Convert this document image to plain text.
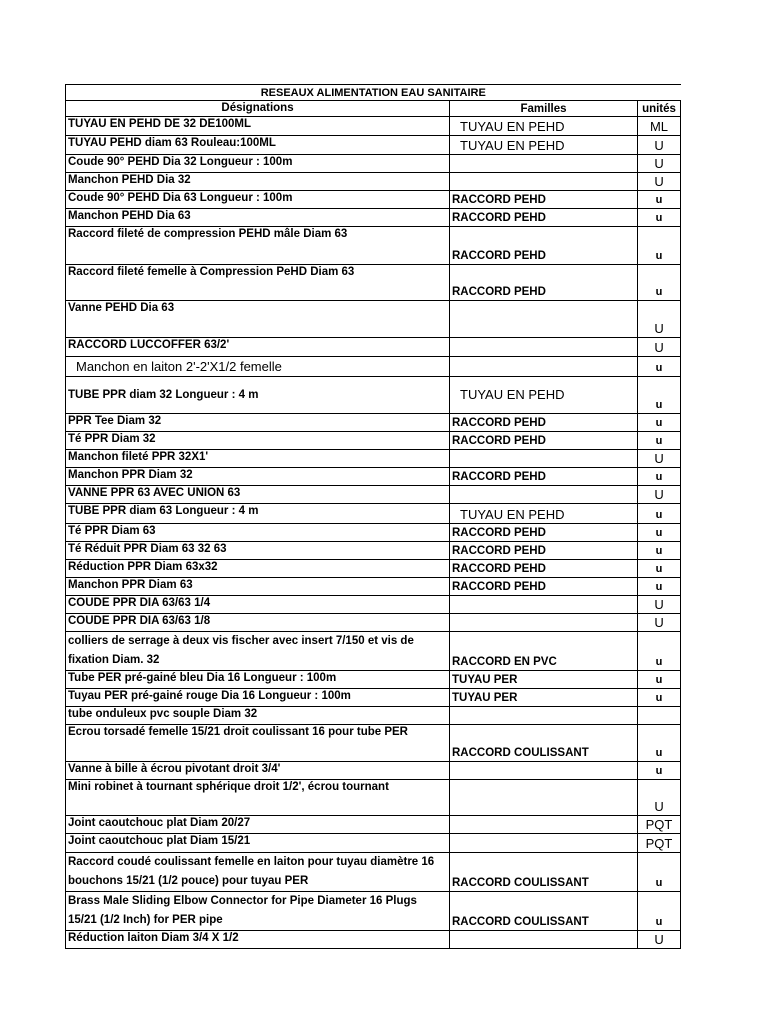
RESEAUX ALIMENTATION EAU SANITAIRE		
Désignations	Familles	unités
TUYAU EN PEHD DE 32 DE100ML	TUYAU EN PEHD	ML
TUYAU PEHD diam 63 Rouleau:100ML	TUYAU EN PEHD	U
Coude 90° PEHD Dia 32 Longueur : 100m		U
Manchon PEHD Dia 32		U
Coude 90° PEHD Dia 63 Longueur : 100m	RACCORD PEHD	u
Manchon PEHD Dia 63	RACCORD PEHD	u
Raccord fileté de compression PEHD mâle Diam 63	RACCORD PEHD	u
Raccord fileté femelle à Compression PeHD Diam 63	RACCORD PEHD	u
Vanne PEHD Dia 63		U
RACCORD LUCCOFFER 63/2'		U
Manchon en laiton 2'-2'X1/2 femelle		u
TUBE PPR diam 32 Longueur : 4 m	TUYAU EN PEHD	u
PPR Tee Diam 32	RACCORD PEHD	u
Té PPR Diam 32	RACCORD PEHD	u
Manchon fileté PPR 32X1'		U
Manchon PPR Diam 32	RACCORD PEHD	u
VANNE PPR 63 AVEC UNION 63		U
TUBE PPR diam 63 Longueur : 4 m	TUYAU EN PEHD	u
Té PPR Diam 63	RACCORD PEHD	u
Té Réduit PPR Diam 63 32 63	RACCORD PEHD	u
Réduction PPR Diam 63x32	RACCORD PEHD	u
Manchon PPR Diam 63	RACCORD PEHD	u
COUDE PPR DIA 63/63 1/4		U
COUDE PPR DIA 63/63 1/8		U
colliers de serrage à deux vis fischer avec insert 7/150 et vis de fixation Diam. 32	RACCORD EN PVC	u
Tube PER pré-gainé bleu Dia 16 Longueur : 100m	TUYAU PER	u
Tuyau PER pré-gainé rouge Dia 16 Longueur : 100m	TUYAU PER	u
tube onduleux pvc souple Diam 32		
Ecrou torsadé femelle 15/21 droit coulissant 16 pour tube PER	RACCORD COULISSANT	u
Vanne à bille à écrou pivotant droit 3/4'		u
Mini robinet à tournant sphérique droit 1/2', écrou tournant		U
Joint caoutchouc plat Diam 20/27		PQT
Joint caoutchouc plat Diam 15/21		PQT
Raccord coudé coulissant femelle en laiton pour tuyau diamètre 16 bouchons 15/21 (1/2 pouce) pour tuyau PER	RACCORD COULISSANT	u
Brass Male Sliding Elbow Connector for Pipe Diameter 16 Plugs 15/21 (1/2 Inch) for PER pipe	RACCORD COULISSANT	u
Réduction laiton Diam 3/4 X 1/2		U
